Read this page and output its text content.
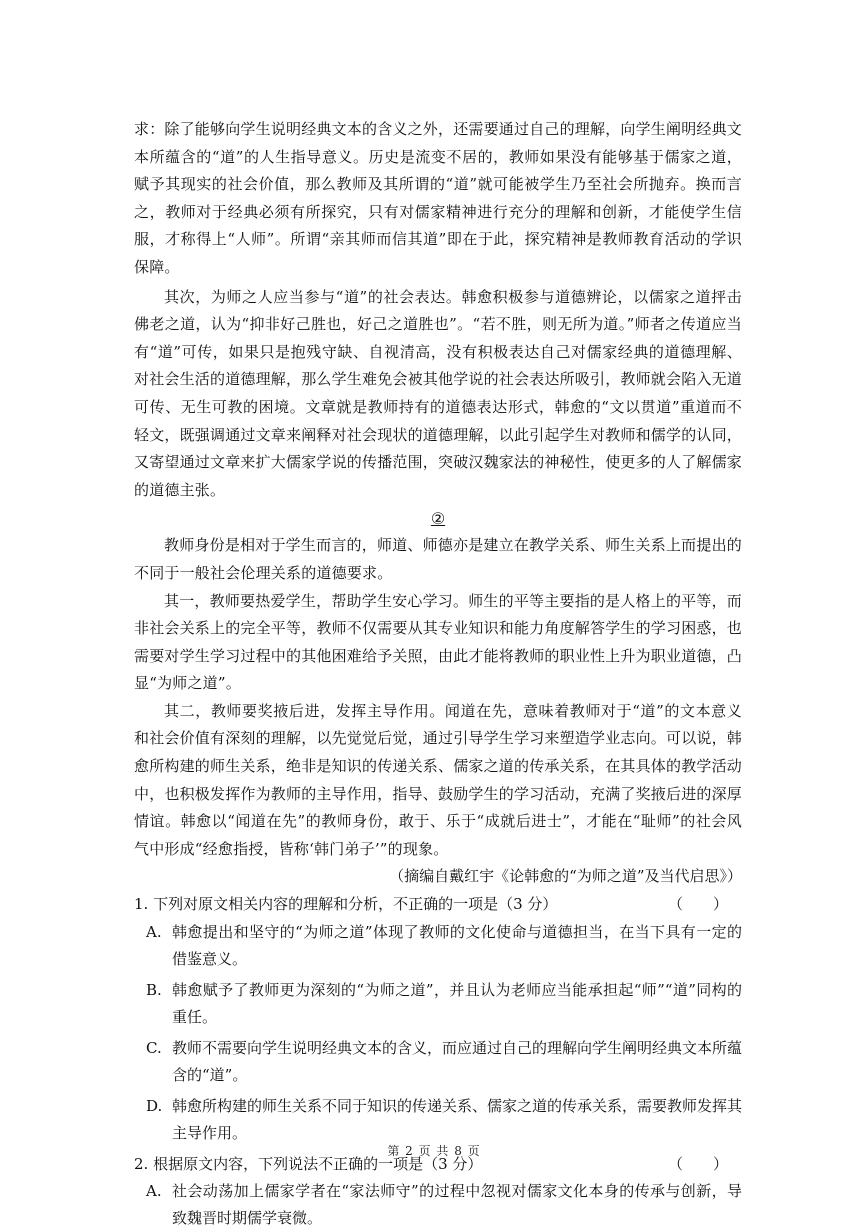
求：除了能够向学生说明经典文本的含义之外，还需要通过自己的理解，向学生阐明经典文本所蕴含的“道”的人生指导意义。历史是流变不居的，教师如果没有能够基于儒家之道，赋予其现实的社会价值，那么教师及其所谓的“道”就可能被学生乃至社会所抛弃。换而言之，教师对于经典必须有所探究，只有对儒家精神进行充分的理解和创新，才能使学生信服，才称得上“人师”。所谓“亲其师而信其道”即在于此，探究精神是教师教育活动的学识保障。

其次，为师之人应当参与“道”的社会表达。韩愈积极参与道德辨论，以儒家之道抨击佛老之道，认为“抑非好己胜也，好己之道胜也”。“若不胜，则无所为道。”师者之传道应当有“道”可传，如果只是抱残守缺、自视清高，没有积极表达自己对儒家经典的道德理解、对社会生活的道德理解，那么学生难免会被其他学说的社会表达所吸引，教师就会陷入无道可传、无生可教的困境。文章就是教师持有的道德表达形式，韩愈的“文以贯道”重道而不轻文，既强调通过文章来阐释对社会现状的道德理解，以此引起学生对教师和儒学的认同，又寄望通过文章来扩大儒家学说的传播范围，突破汉魏家法的神秘性，使更多的人了解儒家的道德主张。

②

教师身份是相对于学生而言的，师道、师德亦是建立在教学关系、师生关系上而提出的不同于一般社会伦理关系的道德要求。

其一，教师要热爱学生，帮助学生安心学习。师生的平等主要指的是人格上的平等，而非社会关系上的完全平等，教师不仅需要从其专业知识和能力角度解答学生的学习困惑，也需要对学生学习过程中的其他困难给予关照，由此才能将教师的职业性上升为职业道德，凸显“为师之道”。

其二，教师要奖掖后进，发挥主导作用。闻道在先，意味着教师对于“道”的文本意义和社会价值有深刻的理解，以先觉觉后觉，通过引导学生学习来塑造学业志向。可以说，韩愈所构建的师生关系，绝非是知识的传递关系、儒家之道的传承关系，在其具体的教学活动中，也积极发挥作为教师的主导作用，指导、鼓励学生的学习活动，充满了奖掖后进的深厚情谊。韩愈以“闻道在先”的教师身份，敢于、乐于“成就后进士”，才能在“耻师”的社会风气中形成“经愈指授，皆称‘韩门弟子’”的现象。

（摘编自戴红宇《论韩愈的“为师之道”及当代启思》）
1. 下列对原文相关内容的理解和分析，不正确的一项是（3 分）	（　　）
A. 韩愈提出和坚守的“为师之道”体现了教师的文化使命与道德担当，在当下具有一定的借鉴意义。
B. 韩愈赋予了教师更为深刻的“为师之道”，并且认为老师应当能承担起“师”“道”同构的重任。
C. 教师不需要向学生说明经典文本的含义，而应通过自己的理解向学生阐明经典文本所蕴含的“道”。
D. 韩愈所构建的师生关系不同于知识的传递关系、儒家之道的传承关系，需要教师发挥其主导作用。
2. 根据原文内容，下列说法不正确的一项是（3 分）	（　　）
A. 社会动荡加上儒家学者在“家法师守”的过程中忽视对儒家文化本身的传承与创新，导致魏晋时期儒学衰微。
第 2 页 共 8 页
